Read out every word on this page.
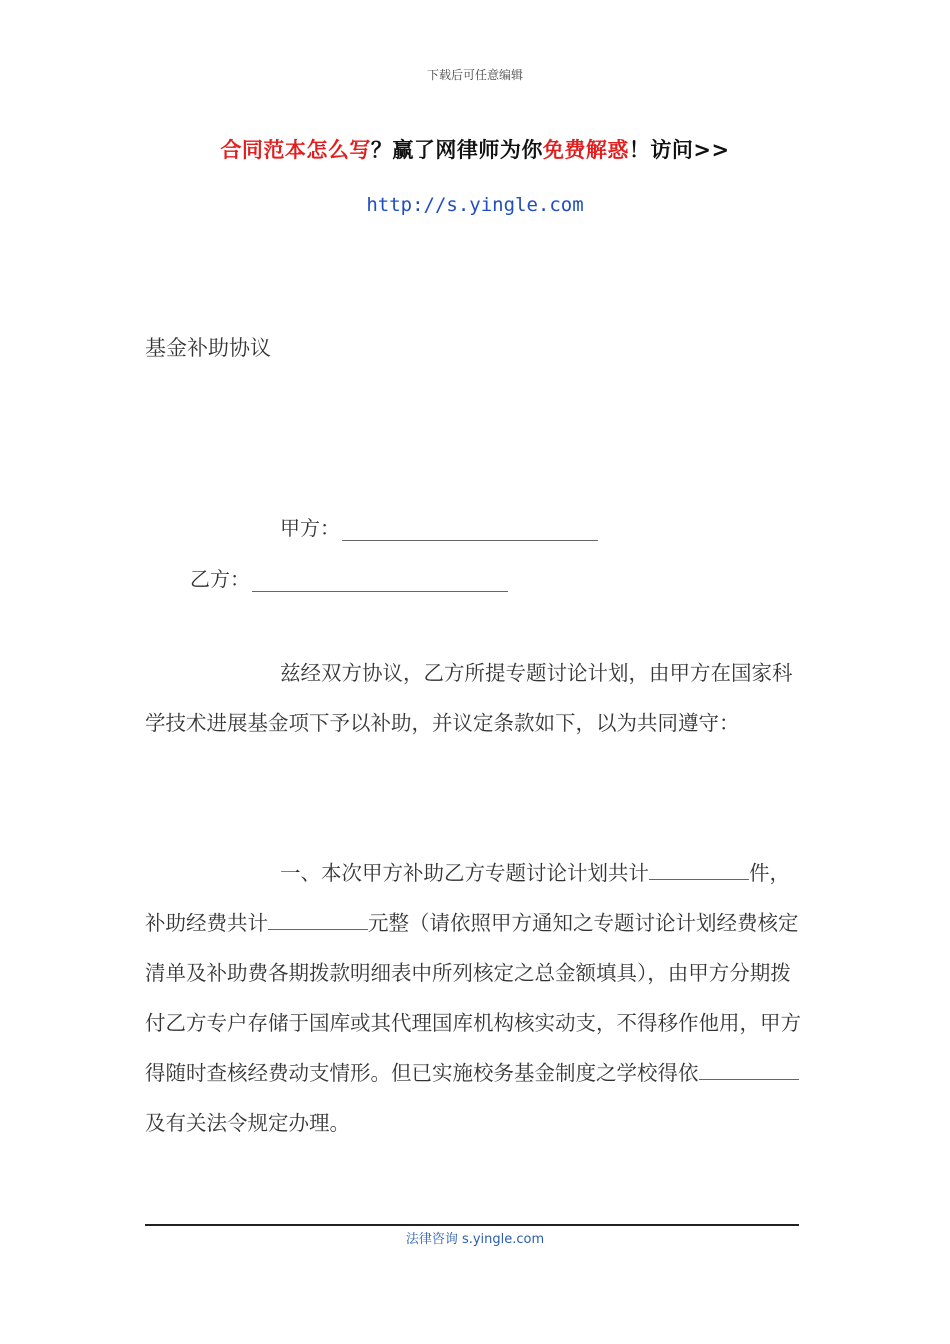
下载后可任意编辑
合同范本怎么写？赢了网律师为你免费解惑！访问>>
http://s.yingle.com
基金补助协议
甲方：
乙方：
兹经双方协议，乙方所提专题讨论计划，由甲方在国家科学技术进展基金项下予以补助，并议定条款如下，以为共同遵守：
一、本次甲方补助乙方专题讨论计划共计	件，补助经费共计	元整（请依照甲方通知之专题讨论计划经费核定清单及补助费各期拨款明细表中所列核定之总金额填具），由甲方分期拨付乙方专户存储于国库或其代理国库机构核实动支，不得移作他用，甲方得随时查核经费动支情形。但已实施校务基金制度之学校得依及有关法令规定办理。
法律咨询 s.yingle.com
